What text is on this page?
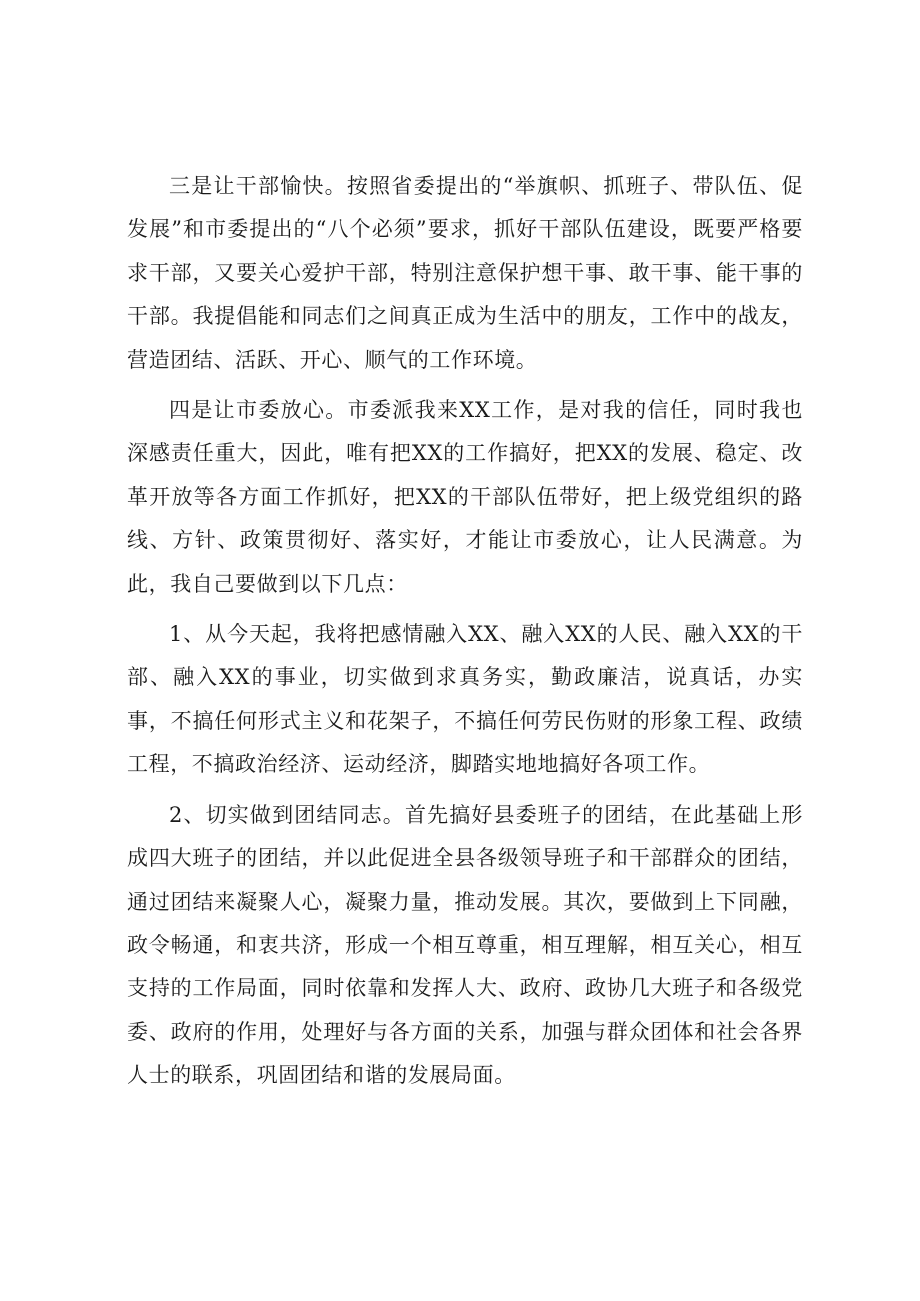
三是让干部愉快。按照省委提出的“举旗帜、抓班子、带队伍、促发展”和市委提出的“八个必须”要求，抓好干部队伍建设，既要严格要求干部，又要关心爱护干部，特别注意保护想干事、敢干事、能干事的干部。我提倡能和同志们之间真正成为生活中的朋友，工作中的战友，营造团结、活跃、开心、顺气的工作环境。

四是让市委放心。市委派我来XX工作，是对我的信任，同时我也深感责任重大，因此，唯有把XX的工作搞好，把XX的发展、稳定、改革开放等各方面工作抓好，把XX的干部队伍带好，把上级党组织的路线、方针、政策贯彻好、落实好，才能让市委放心，让人民满意。为此，我自己要做到以下几点：

1、从今天起，我将把感情融入XX、融入XX的人民、融入XX的干部、融入XX的事业，切实做到求真务实，勤政廉洁，说真话，办实事，不搞任何形式主义和花架子，不搞任何劳民伤财的形象工程、政绩工程，不搞政治经济、运动经济，脚踏实地地搞好各项工作。

2、切实做到团结同志。首先搞好县委班子的团结，在此基础上形成四大班子的团结，并以此促进全县各级领导班子和干部群众的团结，通过团结来凝聚人心，凝聚力量，推动发展。其次，要做到上下同融，政令畅通，和衷共济，形成一个相互尊重，相互理解，相互关心，相互支持的工作局面，同时依靠和发挥人大、政府、政协几大班子和各级党委、政府的作用，处理好与各方面的关系，加强与群众团体和社会各界人士的联系，巩固团结和谐的发展局面。
